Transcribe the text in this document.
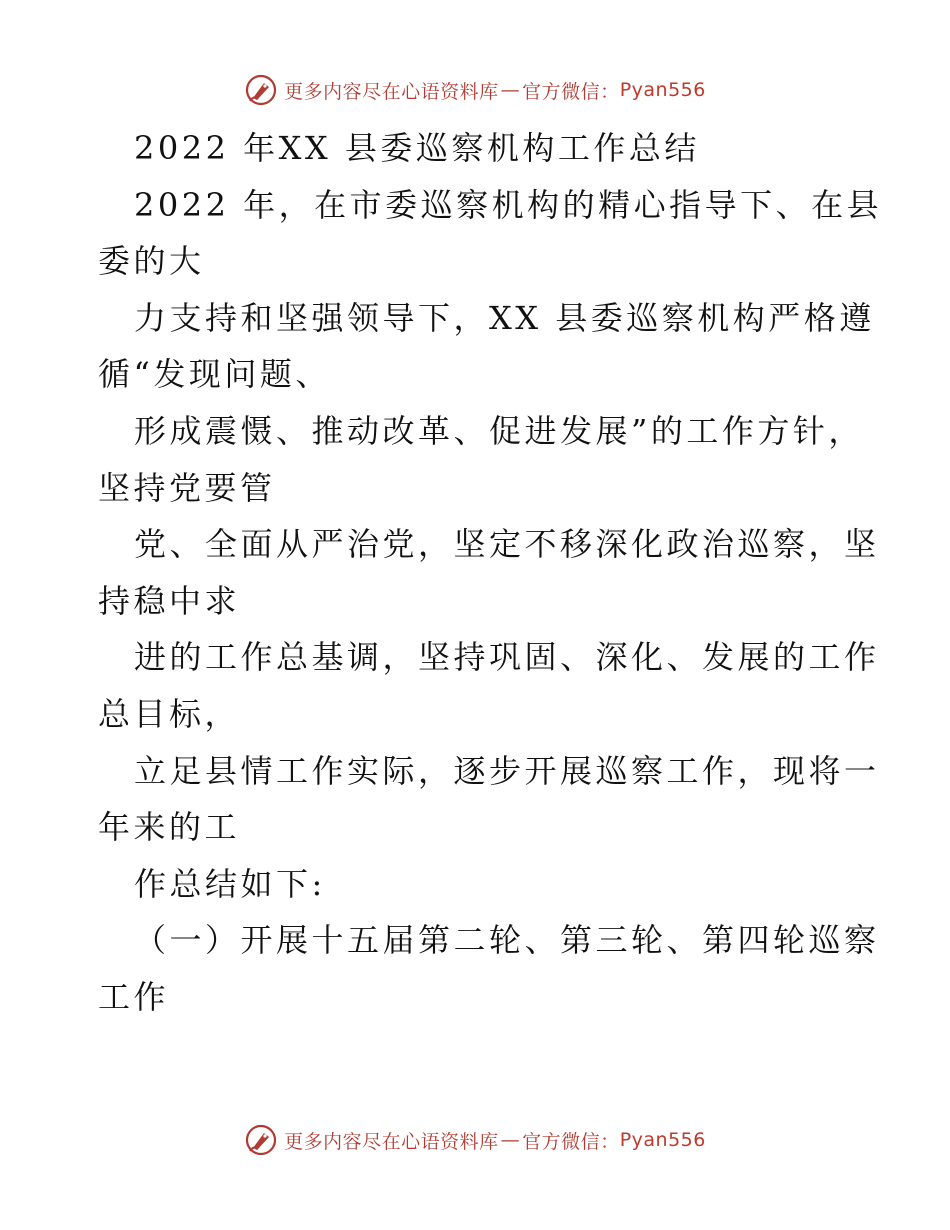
更多内容尽在心语资料库 — 官方微信： Pyan556
2022 年XX 县委巡察机构工作总结
2022 年，在市委巡察机构的精心指导下、在县
委的大
力支持和坚强领导下，XX 县委巡察机构严格遵
循“发现问题、
形成震慑、推动改革、促进发展”的工作方针，
坚持党要管
党、全面从严治党，坚定不移深化政治巡察，坚
持稳中求
进的工作总基调，坚持巩固、深化、发展的工作
总目标，
立足县情工作实际，逐步开展巡察工作，现将一
年来的工
作总结如下:
（一）开展十五届第二轮、第三轮、第四轮巡察
工作
更多内容尽在心语资料库 — 官方微信： Pyan556
